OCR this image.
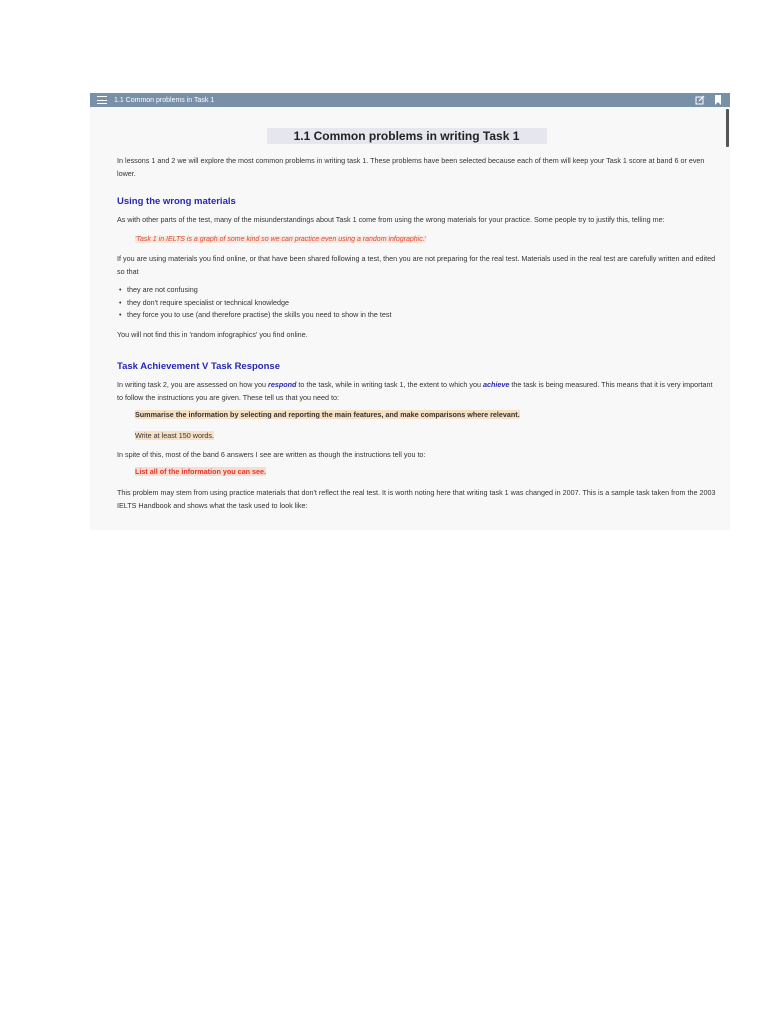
1.1 Common problems in Task 1
1.1 Common problems in writing Task 1

In lessons 1 and 2 we will explore the most common problems in writing task 1. These problems have been selected because each of them will keep your Task 1 score at band 6 or even lower.

Using the wrong materials

As with other parts of the test, many of the misunderstandings about Task 1 come from using the wrong materials for your practice. Some people try to justify this, telling me:

'Task 1 in IELTS is a graph of some kind so we can practice even using a random infographic.'

If you are using materials you find online, or that have been shared following a test, then you are not preparing for the real test. Materials used in the real test are carefully written and edited so that

• they are not confusing
• they don't require specialist or technical knowledge
• they force you to use (and therefore practise) the skills you need to show in the test

You will not find this in 'random infographics' you find online.

Task Achievement V Task Response

In writing task 2, you are assessed on how you respond to the task, while in writing task 1, the extent to which you achieve the task is being measured. This means that it is very important to follow the instructions you are given. These tell us that you need to:

Summarise the information by selecting and reporting the main features, and make comparisons where relevant.

Write at least 150 words.

In spite of this, most of the band 6 answers I see are written as though the instructions tell you to:

List all of the information you can see.

This problem may stem from using practice materials that don't reflect the real test. It is worth noting here that writing task 1 was changed in 2007. This is a sample task taken from the 2003 IELTS Handbook and shows what the task used to look like:
